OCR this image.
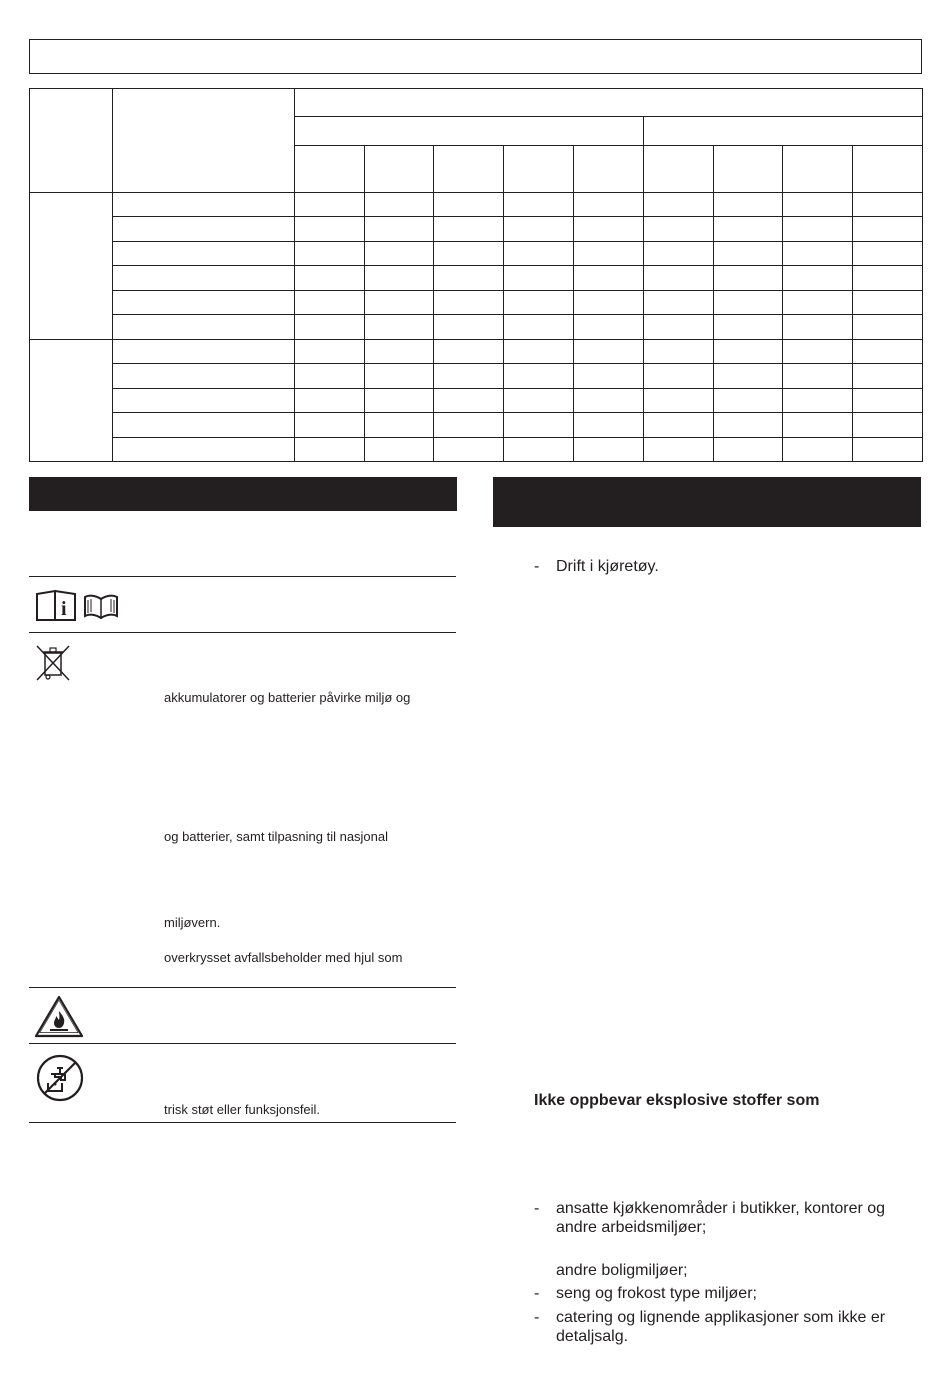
i
akkumulatorer og batterier påvirke miljø og
og batterier, samt tilpasning til nasjonal
miljøvern.
overkrysset avfallsbeholder med hjul som
trisk støt eller funksjonsfeil.
- Drift i kjøretøy.
Ikke oppbevar eksplosive stoffer som
- ansatte kjøkkenområder i butikker, kontorer og
andre arbeidsmiljøer;
andre boligmiljøer;
- seng og frokost type miljøer;
- catering og lignende applikasjoner som ikke er
detaljsalg.
